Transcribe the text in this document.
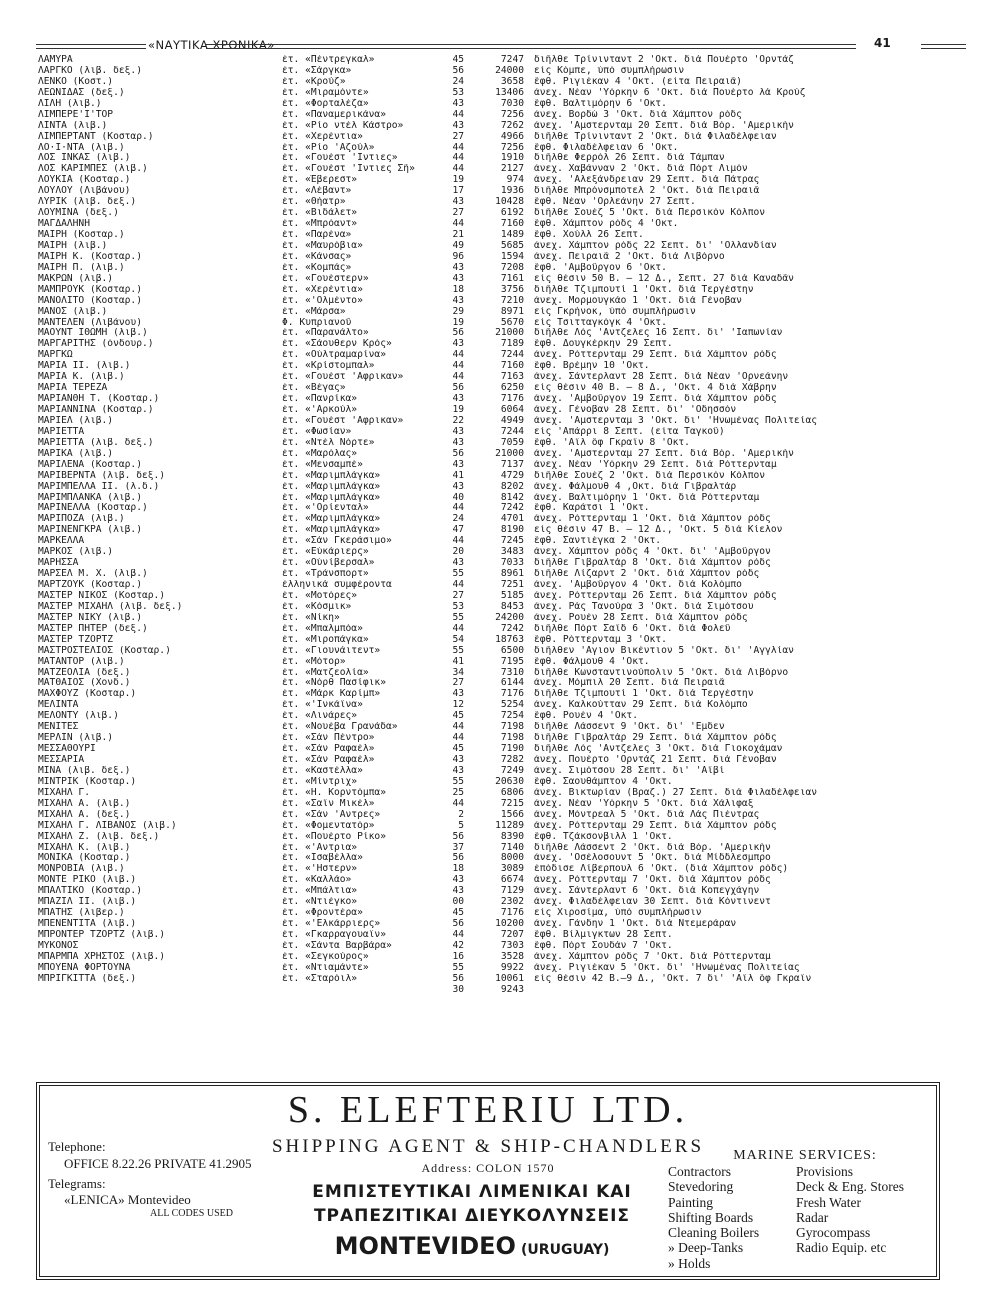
«ΝΑΥΤΙΚΑ ΧΡΟΝΙΚΑ»	41
ΛΑΜΥΡΑ	ἐτ. «Πέντρεγκαλ»	45	7247 διῆλθε Τρίνινταντ 2 'Οκτ. διὰ Πουέρτο 'Ορντάζ
ΛΑΡΓΚΟ (λιβ. δεξ.)	ἐτ. «Σάργκα»	56	24000 εἰς Κόμπε, ὑπὸ συμπλήρωσιν
ΛΕΝΚΟ (Κοστ.)	ἐτ. «Κρούζ»	24	3658 ἔφθ. Ριγιέκαν 4 'Οκτ. (εἶτα Πειραιᾶ)
ΛΕΩΝΙΔΑΣ (δεξ.)	ἐτ. «Μιραμόντε»	53	13406 ἀνεχ. Νέαν 'Υόρκην 6 'Οκτ. διὰ Πουέρτο λὰ Κρούζ
ΛΙΛΗ (λιβ.)	ἐτ. «Φορταλέζα»	43	7030 ἔφθ. Βαλτιμόρην 6 'Οκτ.
ΛΙΜΠΕΡΕ'Ι'ΤΟΡ	ἐτ. «Παναμερικάνα»	44	7256 ἀνεχ. Βορδὼ 3 'Οκτ. διὰ Χάμπτον ρόδς
ΛΙΝΤΑ (λιβ.)	ἐτ. «Ρίο ντέλ Κάστρο»	43	7262 ἀνεχ. 'Αμστερνταμ 20 Σεπτ. διὰ Βόρ. 'Αμερικὴν
ΛΙΜΠΕΡΤΑΝΤ (Κοσταρ.)	ἐτ. «Χερέντια»	27	4966 διῆλθε Τρίνινταντ 2 'Οκτ. διὰ Φιλαδέλφειαν
ΛΟ·Ι·ΝΤΑ (λιβ.)	ἐτ. «Ρίο 'Αζούλ»	44	7256 ἔφθ. Φιλαδέλφειαν 6 'Οκτ.
ΛΟΣ ΙΝΚΑΣ (λιβ.)	ἐτ. «Γουέστ 'Ιντιες»	44	1910 διῆλθε Φερρόλ 26 Σεπτ. διὰ Τάμπαν
ΛΟΣ ΚΑΡΙΜΠΕΣ (λιβ.)	ἐτ. «Γουέστ 'Ιντιες Σῆ»	44	2127 ἀνεχ. Χαβάνναν 2 'Οκτ. διὰ Πόρτ Λιμὸν
ΛΟΥΚΙΑ (Κοσταρ.)	ἐτ. «Ἐβερεστ»	19	974 ἀνεχ. 'Αλεξάνδρειαν 29 Σεπτ. διὰ Πάτρας
ΛΟΥΛΟΥ (Λιβάνου)	ἐτ. «Λέβαντ»	17	1936 διῆλθε Μπρόνσμποτελ 2 'Οκτ. διὰ Πειραιᾶ
ΛΥΡΙΚ (λιβ. δεξ.)	ἐτ. «Θήατρ»	43	10428 ἔφθ. Νέαν 'Ορλεάνην 27 Σεπτ.
ΛΟΥΜΙΝΑ (δεξ.)	ἐτ. «Βιδάλετ»	27	6192 διῆλθε Σουέζ 5 'Οκτ. διὰ Περσικὸν Κόλπον
ΜΑΓΔΑΛΗΝΗ	ἐτ. «Μπρόαντ»	44	7160 ἔφθ. Χάμπτον ρόδς 4 'Οκτ.
ΜΑΙΡΗ (Κοσταρ.)	ἐτ. «Παρένα»	21	1489 ἔφθ. Χοὺλλ 26 Σεπτ.
ΜΑΙΡΗ (λιβ.)	ἐτ. «Μαυρόβια»	49	5685 ἀνεχ. Χάμπτον ρόδς 22 Σεπτ. δι' 'Ολλανδίαν
ΜΑΙΡΗ Κ. (Κοσταρ.)	ἐτ. «Κάνσας»	96	1594 ἀνεχ. Πειραιᾶ 2 'Οκτ. διὰ Λιβόρνο
ΜΑΙΡΗ Π. (λιβ.)	ἐτ. «Κομπάς»	43	7208 ἔφθ. 'Αμβοῦργον 6 'Οκτ.
ΜΑΚΡΩΝ (λιβ.)	ἐτ. «Γουέστερν»	43	7161 εἰς θέσιν 50 Β. — 12 Δ., Σεπτ. 27 διὰ Καναδᾶν
ΜΑΜΠΡΟΥΚ (Κοσταρ.)	ἐτ. «Χερέντια»	18	3756 διῆλθε Τζιμπουτὶ 1 'Οκτ. διὰ Τεργέστην
ΜΑΝΟΛΙΤΟ (Κοσταρ.)	ἐτ. «'Ολμέντο»	43	7210 ἀνεχ. Μορμουγκάο 1 'Οκτ. διὰ Γένοβαν
ΜΑΝΟΣ (λιβ.)	ἐτ. «Μάρσα»	29	8971 εἰς Γκρήνοκ, ὑπὸ συμπλήρωσιν
ΜΑΝΤΕΛΕΝ (Λιβάνου)	Φ. Κυπριανοῦ	19	5670 εἰς Τσιτταγκὸγκ 4 'Οκτ.
ΜΑΟΥΝΤ ΙΘΩΜΗ (λιβ.)	ἐτ. «Παρανάλτο»	56	21000 διῆλθε Λὸς 'Αντζελες 16 Σεπτ. δι' 'Ιαπωνίαν
ΜΑΡΓΑΡΙΤΗΣ (ὀνδουρ.)	ἐτ. «Σάουθερν Κρὸς»	43	7189 ἔφθ. Δουγκέρκην 29 Σεπτ.
ΜΑΡΓΚΩ	ἐτ. «Οὐλτραμαρίνα»	44	7244 ἀνεχ. Ρόττερνταμ 29 Σεπτ. διὰ Χάμπτον ρόδς
ΜΑΡΙΑ ΙΙ. (λιβ.)	ἐτ. «Κρίστομπαλ»	44	7160 ἔφθ. Βρέμην 10 'Οκτ.
ΜΑΡΙΑ Κ. (λιβ.)	ἐτ. «Γουέστ 'Αφρικαν»	44	7163 ἀνεχ. Σάντερλαντ 28 Σεπτ. διὰ Νέαν 'Ορνεάνην
ΜΑΡΙΑ ΤΕΡΕΖΑ	ἐτ. «Βέγας»	56	6250 εἰς θέσιν 40 Β. — 8 Δ., 'Οκτ. 4 διὰ Χάβρην
ΜΑΡΙΑΝΘΗ Τ. (Κοσταρ.)	ἐτ. «Πανρίκα»	43	7176 ἀνεχ. 'Αμβοῦργον 19 Σεπτ. διὰ Χάμπτον ρόδς
ΜΑΡΙΑΝΝΙΝΑ (Κοσταρ.)	ἐτ. «'Αρκούλ»	19	6064 ἀνεχ. Γένοβαν 28 Σεπτ. δι' 'Οδησσὸν
ΜΑΡΙΕΛ (λιβ.)	ἐτ. «Γουέστ 'Αφρικαν»	22	4949 ἀνεχ. 'Αμστερνταμ 3 'Οκτ. δι' 'Ηνωμένας Πολιτείας
ΜΑΡΙΕΤΤΑ	ἐτ. «Φωσίαν»	43	7244 εἰς 'Απάρρι 8 Σεπτ. (εἶτα Ταγκοῦ)
ΜΑΡΙΕΤΤΑ (λιβ. δεξ.)	ἐτ. «Ντέλ Νόρτε»	43	7059 ἔφθ. 'Αϊλ ὄφ Γκραΐν 8 'Οκτ.
ΜΑΡΙΚΑ (λιβ.)	ἐτ. «Μαρόλας»	56	21000 ἀνεχ. 'Αμστερνταμ 27 Σεπτ. διὰ Βόρ. 'Αμερικὴν
ΜΑΡΙΛΕΝΑ (Κοσταρ.)	ἐτ. «Μενσαμπὲ»	43	7137 ἀνεχ. Νέαν 'Υόρκην 29 Σεπτ. διὰ Ρόττερνταμ
ΜΑΡΙΒΕΡΝΤΑ (λιβ. δεξ.)	ἐτ. «Μαριμπλάγκα»	41	4729 διῆλθε Σουέζ 2 'Οκτ. διὰ Περσικὸν Κόλπον
ΜΑΡΙΜΠΕΛΛΑ ΙΙ. (λ.δ.)	ἐτ. «Μαριμπλάγκα»	43	8202 ἀνεχ. Φάλμουθ 4 ,Οκτ. διὰ Γιβραλτὰρ
ΜΑΡΙΜΠΛΑΝΚΑ (λιβ.)	ἐτ. «Μαριμπλάγκα»	40	8142 ἀνεχ. Βαλτιμόρην 1 'Οκτ. διὰ Ρόττερνταμ
ΜΑΡΙΝΕΛΛΑ (Κοσταρ.)	ἐτ. «'Ορίενταλ»	44	7242 ἔφθ. Καράτσι 1 'Οκτ.
ΜΑΡΙΠΟΖΑ (λιβ.)	ἐτ. «Μαριμπλάγκα»	24	4701 ἀνεχ. Ρόττερνταμ 1 'Οκτ. διὰ Χάμπτον ρόδς
ΜΑΡΙΝΕΝΓΚΡΑ (λιβ.)	ἐτ. «Μαριμπλάγκα»	47	8190 εἰς θέσιν 47 Β. — 12 Δ., 'Οκτ. 5 διὰ Κίελον
ΜΑΡΚΕΛΛΑ	ἐτ. «Σὰν Γκεράσιμο»	44	7245 ἔφθ. Σαντιέγκα 2 'Οκτ.
ΜΑΡΚΟΣ (λιβ.)	ἐτ. «Εὐκάριερς»	20	3483 ἀνεχ. Χάμπτον ρόδς 4 'Οκτ. δι' 'Αμβοῦργον
ΜΑΡΗΣΣΑ	ἐτ. «Οὐνίβερσαλ»	43	7033 διῆλθε Γιβραλτὰρ 8 'Οκτ. διὰ Χάμπτον ρόδς
ΜΑΡΣΕΛ Μ. Χ. (λιβ.)	ἐτ. «Τράνσπορτ»	55	8961 διῆλθε Λίζαρντ 2 'Οκτ. διὰ Χάμπτον ρόδς
ΜΑΡΤΖΟΥΚ (Κοσταρ.)	ἑλληνικὰ συμφέροντα	44	7251 ἀνεχ. 'Αμβοῦργον 4 'Οκτ. διὰ Κολόμπο
ΜΑΣΤΕΡ ΝΙΚΟΣ (Κοσταρ.)	ἐτ. «Μοτόρες»	27	5185 ἀνεχ. Ρόττερνταμ 26 Σεπτ. διὰ Χάμπτον ρόδς
ΜΑΣΤΕΡ ΜΙΧΑΗΛ (λιβ. δεξ.)	ἐτ. «Κόσμικ»	53	8453 ἀνεχ. Ρὰς Τανούρα 3 'Οκτ. διὰ Σιμότσου
ΜΑΣΤΕΡ ΝΙΚΥ (λιβ.)	ἐτ. «Νίκη»	55	24200 ἀνεχ. Ρουὲν 28 Σεπτ. διὰ Χάμπτον ρόδς
ΜΑΣΤΕΡ ΠΗΤΕΡ (δεξ.)	ἐτ. «Μπαλμπόα»	44	7242 διῆλθε Πὸρτ Σαΐδ 6 'Οκτ. διὰ Φολεῦ
ΜΑΣΤΕΡ ΤΖΟΡΤΖ	ἐτ. «Μιροπάγκα»	54	18763 ἔφθ. Ρόττερνταμ 3 'Οκτ.
ΜΑΣΤΡΟΣΤΕΛΙΟΣ (Κοσταρ.)	ἐτ. «Γιουνάιτεντ»	55	6500 διῆλθεν 'Αγιον Βικέντιον 5 'Οκτ. δι' 'Αγγλίαν
ΜΑΤΑΝΤΟΡ (λιβ.)	ἐτ. «Μότορ»	41	7195 ἔφθ. Φάλμουθ 4 'Οκτ.
ΜΑΤΖΕΟΛΙΑ (δεξ.)	ἐτ. «Ματζεολία»	34	7310 διῆλθε Κωνσταντινούπολιν 5 'Οκτ. διὰ Λιβόρνο
ΜΑΤΘΑΙΟΣ (Χονδ.)	ἐτ. «Νὸρθ Πασίφικ»	27	6144 ἀνεχ. Μόμπιλ 20 Σεπτ. διὰ Πειραιᾶ
ΜΑΧΦΟΥΖ (Κοσταρ.)	ἐτ. «Μάρκ Καρίμπ»	43	7176 διῆλθε Τζιμπουτὶ 1 'Οκτ. διὰ Τεργέστην
ΜΕΛΙΝΤΑ	ἐτ. «'Ινκάϊνα»	12	5254 ἀνεχ. Καλκούτταν 29 Σεπτ. διὰ Κολόμπο
ΜΕΛΟΝΤΥ (λιβ.)	ἐτ. «Λινάρες»	45	7254 ἔφθ. Ρουὲν 4 'Οκτ.
ΜΕΝΙΤΕΣ	ἐτ. «Νουέβα Γρανάδα»	44	7198 διῆλθε Λάσσεντ 9 'Οκτ. δι' 'Εμδεν
ΜΕΡΛΙΝ (λιβ.)	ἐτ. «Σὰν Πέντρο»	44	7198 διῆλθε Γιβραλτὰρ 29 Σεπτ. διὰ Χάμπτον ρόδς
ΜΕΣΣΑΘΟΥΡΙ	ἐτ. «Σὰν Ραφαέλ»	45	7190 διῆλθε Λὸς 'Αντζελες 3 'Οκτ. διὰ Γιοκοχάμαν
ΜΕΣΣΑΡΙΑ	ἐτ. «Σὰν Ραφαέλ»	43	7282 ἀνεχ. Πουέρτο 'Ορντάζ 21 Σεπτ. διὰ Γένοβαν
ΜΙΝΑ (λιβ. δεξ.)	ἐτ. «Καστέλλα»	43	7249 ἀνεχ. Σιμότσου 28 Σεπτ. δι' 'Αϊβὶ
ΜΙΝΤΡΙΚ (Κοσταρ.)	ἐτ. «Μίντριχ»	55	20630 ἔφθ. Σαουθάμπτον 4 'Οκτ.
ΜΙΧΑΗΛ Γ.	ἐτ. «Η. Κορντόμπα»	25	6806 ἀνεχ. Βικτωρίαν (Βραζ.) 27 Σεπτ. διὰ Φιλαδέλφειαν
ΜΙΧΑΗΛ Α. (λιβ.)	ἐτ. «Σαΐν Μικέλ»	44	7215 ἀνεχ. Νέαν 'Υόρκην 5 'Οκτ. διὰ Χάλιφαξ
ΜΙΧΑΗΛ Α. (δεξ.)	ἐτ. «Σὰν 'Αντρες»	2	1566 ἀνεχ. Μόντρεαλ 5 'Οκτ. διὰ Λὰς Πιέντρας
ΜΙΧΑΗΛ Γ. ΛΙΒΑΝΟΣ (λιβ.)	ἐτ. «Φομεντατόρ»	5	11289 ἀνεχ. Ρόττερνταμ 29 Σεπτ. διὰ Χάμπτον ρόδς
ΜΙΧΑΗΛ Ζ. (λιβ. δεξ.)	ἐτ. «Πουέρτο Ρίκο»	56	8390 ἔφθ. Τζάκσονβιλλ 1 'Οκτ.
ΜΙΧΑΗΛ Κ. (λιβ.)	ἐτ. «'Αντρια»	37	7140 διῆλθε Λάσσεντ 2 'Οκτ. διὰ Βόρ. 'Αμερικὴν
ΜΟΝΙΚΑ (Κοσταρ.)	ἐτ. «Ισαβέλλα»	56	8000 ἀνεχ. 'Οσέλοσουντ 5 'Οκτ. διὰ Μίδδλεσμπρο
ΜΟΝΡΟΒΙΑ (λιβ.)	ἐτ. «'Ηστερν»	18	3089 ἐπόδισε Λίβερπουλ 6 'Οκτ. (διὰ Χάμπτον ρόδς)
ΜΟΝΤΕ ΡΙΚΟ (λιβ.)	ἐτ. «Καλλάο»	43	6674 ἀνεχ. Ρόττερνταμ 7 'Οκτ. διὰ Χάμπτον ρόδς
ΜΠΑΛΤΙΚΟ (Κοσταρ.)	ἐτ. «Μπάλτια»	43	7129 ἀνεχ. Σάντερλαντ 6 'Οκτ. διὰ Κοπεγχάγην
ΜΠΑΖΙΛ ΙΙ. (λιβ.)	ἐτ. «Ντιέγκο»	00	2302 ἀνεχ. Φιλαδέλφειαν 30 Σεπτ. διὰ Κόντινεντ
ΜΠΑΤΗΣ (λιβερ.)	ἐτ. «Φροντέρα»	45	7176 εἰς Χιροσίμα, ὑπὸ συμπλήρωσιν
ΜΠΕΝΕΝΤΙΤΑ (λιβ.)	ἐτ. «'Ελκάρριερς»	56	10200 ἀνεχ. Γάνδην 1 'Οκτ. διὰ Ντεμεράραν
ΜΠΡΟΝΤΕΡ ΤΖΟΡΤΖ (λιβ.)	ἐτ. «Γκαρραγουαΐν»	44	7207 ἔφθ. Βίλμιγκτων 28 Σεπτ.
ΜΥΚΟΝΟΣ	ἐτ. «Σάντα Βαρβάρα»	42	7303 ἔφθ. Πόρτ Σουδὰν 7 'Οκτ.
ΜΠΑΡΜΠΑ ΧΡΗΣΤΟΣ (λιβ.)	ἐτ. «Σεγκούρος»	16	3528 ἀνεχ. Χάμπτον ρόδς 7 'Οκτ. διὰ Ρόττερνταμ
ΜΠΟΥΕΝΑ ΦΟΡΤΟΥΝΑ	ἐτ. «Ντιαμάντε»	55	9922 ἀνεχ. Ριγιέκαν 5 'Οκτ. δι' 'Ηνωμένας Πολιτείας
ΜΠΡΙΓΚΙΤΤΑ (δεξ.)	ἐτ. «Σταρόιλ»	56	10061 εἰς θέσιν 42 Β.—9 Δ., 'Οκτ. 7 δι' 'Αϊλ ὄφ Γκραΐν
30	9243
S. ELEFTERIU LTD.
SHIPPING AGENT & SHIP-CHANDLERS
Address: COLON 1570
Telephone:
OFFICE 8.22.26 PRIVATE 41.2905
Telegrams:
«LENICA» Montevideo
ALL CODES USED
ΕΜΠΙΣΤΕΥΤΙΚΑΙ ΛΙΜΕΝΙΚΑΙ ΚΑΙ
ΤΡΑΠΕΖΙΤΙΚΑΙ ΔΙΕΥΚΟΛΥΝΣΕΙΣ
MONTEVIDEO (URUGUAY)
MARINE SERVICES:
Contractors
Stevedoring
Painting
Shifting Boards
Cleaning Boilers
» Deep-Tanks
» Holds
Provisions
Deck & Eng. Stores
Fresh Water
Radar
Gyrocompass
Radio Equip. etc
